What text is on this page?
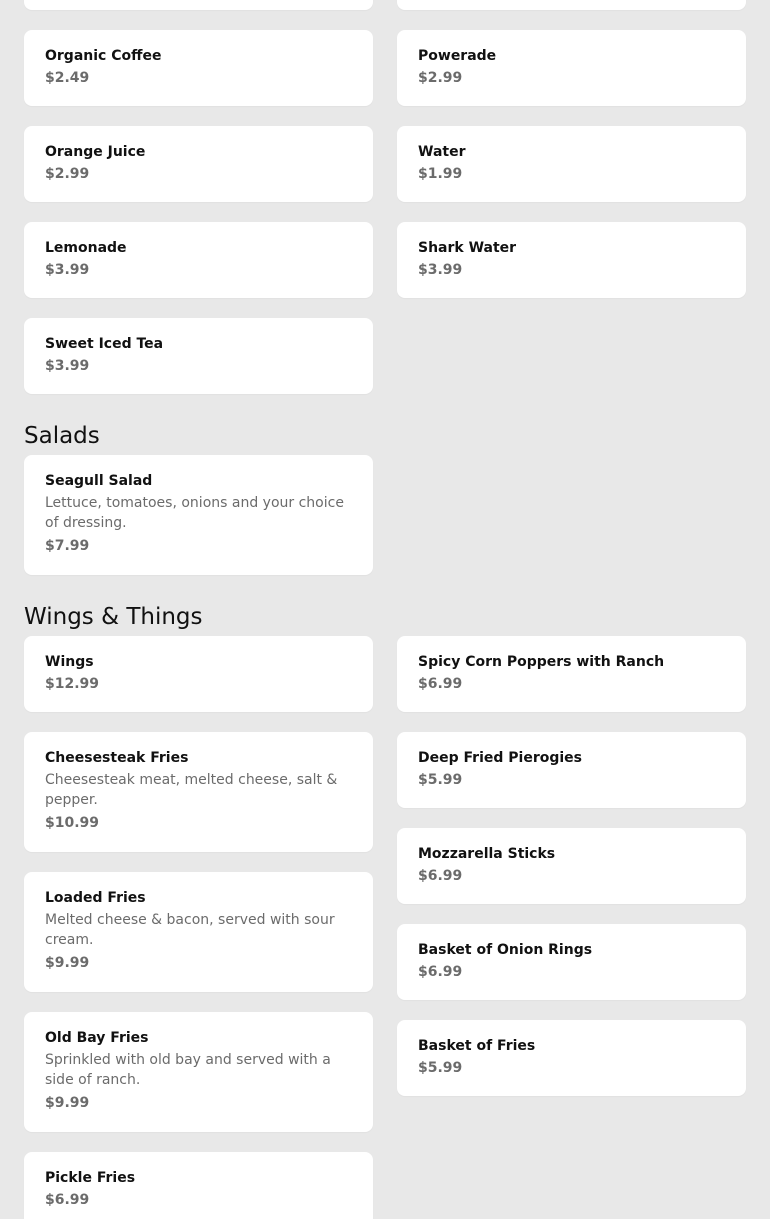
Organic Coffee

$2.49

Powerade

$2.99

Orange Juice

$2.99

Water

$1.99

Lemonade

$3.99

Shark Water

$3.99

Sweet Iced Tea

$3.99

Salads

Seagull Salad

Lettuce, tomatoes, onions and your choice of dressing.

$7.99

Wings & Things

Wings

$12.99

Spicy Corn Poppers with Ranch

$6.99

Cheesesteak Fries

Cheesesteak meat, melted cheese, salt & pepper.

$10.99

Deep Fried Pierogies

$5.99

Mozzarella Sticks

$6.99

Loaded Fries

Melted cheese & bacon, served with sour cream.

$9.99

Basket of Onion Rings

$6.99

Old Bay Fries

Sprinkled with old bay and served with a side of ranch.

$9.99

Basket of Fries

$5.99

Pickle Fries

$6.99
